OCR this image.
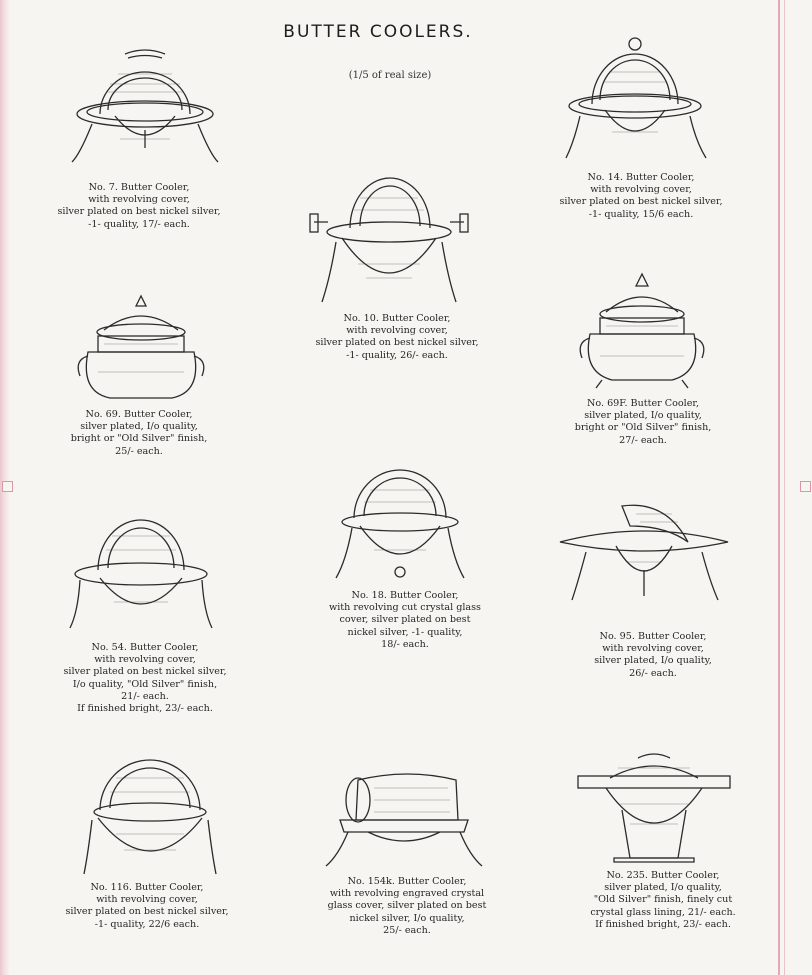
BUTTER COOLERS.
(1/5 of real size)
No. 7. Butter Cooler,
with revolving cover,
silver plated on best nickel silver,
-1- quality, 17/- each.
No. 14. Butter Cooler,
with revolving cover,
silver plated on best nickel silver,
-1- quality, 15/6 each.
No. 10. Butter Cooler,
with revolving cover,
silver plated on best nickel silver,
-1- quality, 26/- each.
No. 69. Butter Cooler,
silver plated, I/o quality,
bright or "Old Silver" finish,
25/- each.
No. 69F. Butter Cooler,
silver plated, I/o quality,
bright or "Old Silver" finish,
27/- each.
No. 18. Butter Cooler,
with revolving cut crystal glass
cover, silver plated on best
nickel silver, -1- quality,
18/- each.
No. 54. Butter Cooler,
with revolving cover,
silver plated on best nickel silver,
I/o quality, "Old Silver" finish,
21/- each.
If finished bright, 23/- each.
No. 95. Butter Cooler,
with revolving cover,
silver plated, I/o quality,
26/- each.
No. 116. Butter Cooler,
with revolving cover,
silver plated on best nickel silver,
-1- quality, 22/6 each.
No. 154k. Butter Cooler,
with revolving engraved crystal
glass cover, silver plated on best
nickel silver, I/o quality,
25/- each.
No. 235. Butter Cooler,
silver plated, I/o quality,
"Old Silver" finish, finely cut
crystal glass lining, 21/- each.
If finished bright, 23/- each.
